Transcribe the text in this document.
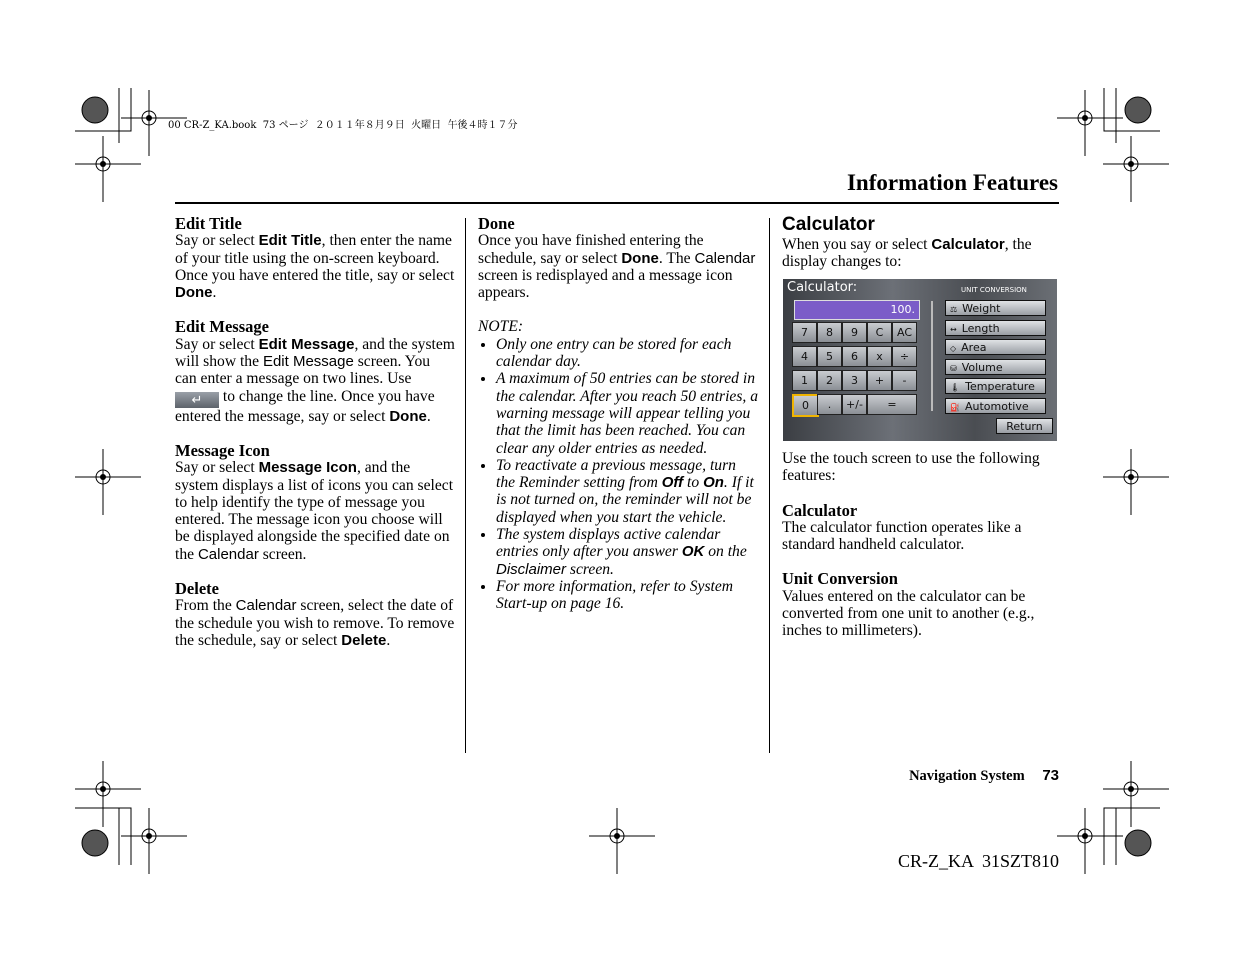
00 CR-Z_KA.book  73 ページ  ２０１１年８月９日  火曜日  午後４時１７分
Information Features
Edit Title

Say or select Edit Title, then enter the name of your title using the on-screen keyboard. Once you have entered the title, say or select Done.

Edit Message

Say or select Edit Message, and the system will show the Edit Message screen. You can enter a message on two lines. Use ↵ to change the line. Once you have entered the message, say or select Done.

Message Icon

Say or select Message Icon, and the system displays a list of icons you can select to help identify the type of message you entered. The message icon you choose will be displayed alongside the specified date on the Calendar screen.

Delete

From the Calendar screen, select the date of the schedule you wish to remove. To remove the schedule, say or select Delete.

Done

Once you have finished entering the schedule, say or select Done. The Calendar screen is redisplayed and a message icon appears.

NOTE:
• Only one entry can be stored for each calendar day.
• A maximum of 50 entries can be stored in the calendar. After you reach 50 entries, a warning message will appear telling you that the limit has been reached. You can clear any older entries as needed.
• To reactivate a previous message, turn the Reminder setting from Off to On. If it is not turned on, the reminder will not be displayed when you start the vehicle.
• The system displays active calendar entries only after you answer OK on the Disclaimer screen.
• For more information, refer to System Start-up on page 16.
Calculator

When you say or select Calculator, the display changes to:

Calculator:	UNIT CONVERSION
100.
7	8	9	C	AC
4	5	6	x	÷
1	2	3	+	-
0	.	+/-	=
⚖ Weight
↔ Length
◇ Area
⛁ Volume
🌡 Temperature
⛽ Automotive
Return

Use the touch screen to use the following features:

Calculator

The calculator function operates like a standard handheld calculator.

Unit Conversion

Values entered on the calculator can be converted from one unit to another (e.g., inches to millimeters).

Navigation System 73
CR-Z_KA  31SZT810
